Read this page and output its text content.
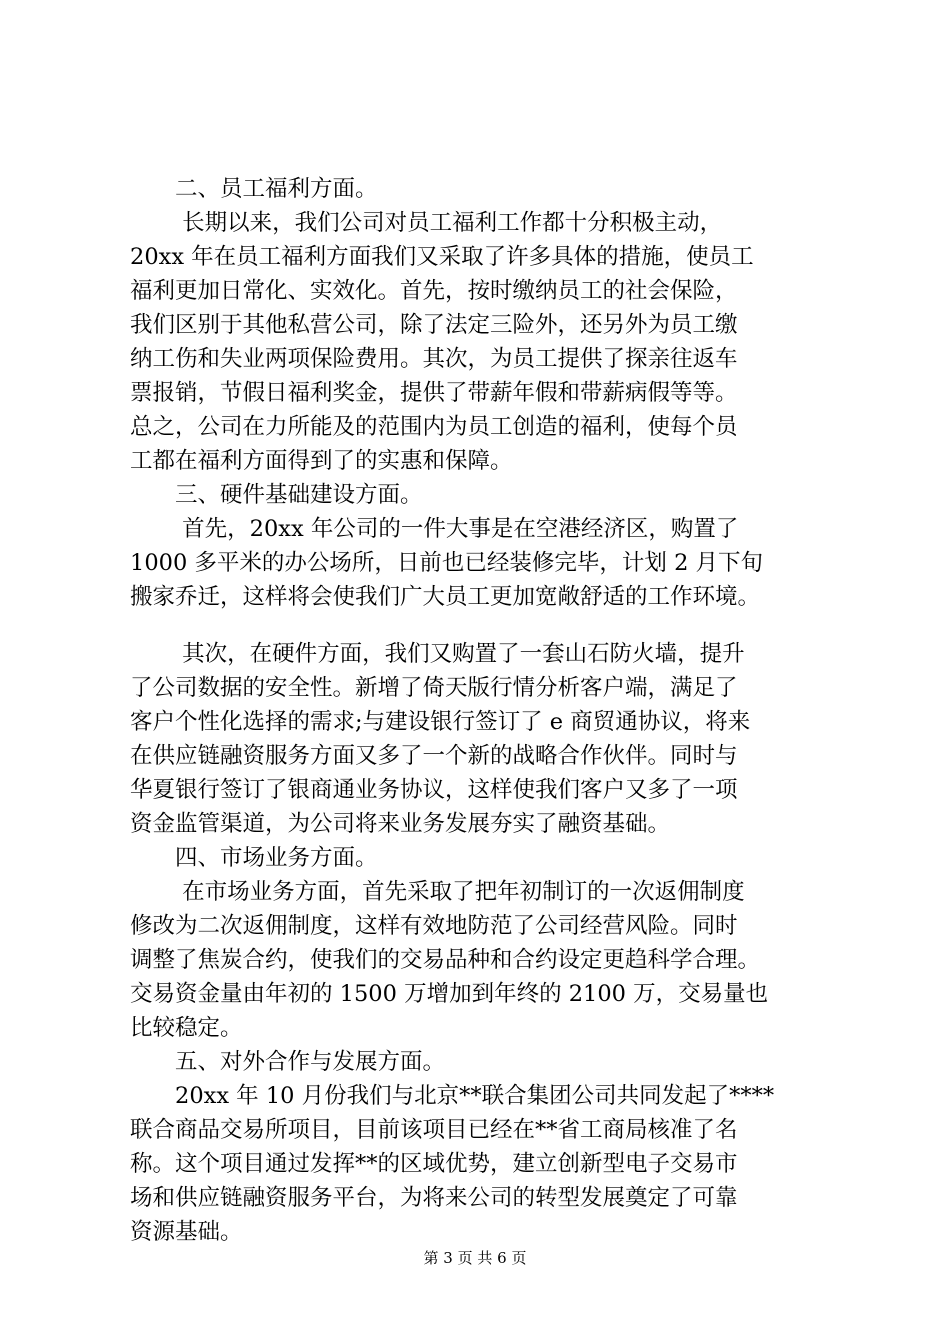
　　二、员工福利方面。
　　 长期以来，我们公司对员工福利工作都十分积极主动，
20xx 年在员工福利方面我们又采取了许多具体的措施，使员工
福利更加日常化、实效化。首先，按时缴纳员工的社会保险，
我们区别于其他私营公司，除了法定三险外，还另外为员工缴
纳工伤和失业两项保险费用。其次，为员工提供了探亲往返车
票报销，节假日福利奖金，提供了带薪年假和带薪病假等等。
总之，公司在力所能及的范围内为员工创造的福利，使每个员
工都在福利方面得到了的实惠和保障。
　　三、硬件基础建设方面。
　　 首先，20xx 年公司的一件大事是在空港经济区，购置了
1000 多平米的办公场所，日前也已经装修完毕，计划 2 月下旬
搬家乔迁，这样将会使我们广大员工更加宽敞舒适的工作环境。
　　 其次，在硬件方面，我们又购置了一套山石防火墙，提升
了公司数据的安全性。新增了倚天版行情分析客户端，满足了
客户个性化选择的需求;与建设银行签订了 e 商贸通协议，将来
在供应链融资服务方面又多了一个新的战略合作伙伴。同时与
华夏银行签订了银商通业务协议，这样使我们客户又多了一项
资金监管渠道，为公司将来业务发展夯实了融资基础。
　　四、市场业务方面。
　　 在市场业务方面，首先采取了把年初制订的一次返佣制度
修改为二次返佣制度，这样有效地防范了公司经营风险。同时
调整了焦炭合约，使我们的交易品种和合约设定更趋科学合理。
交易资金量由年初的 1500 万增加到年终的 2100 万，交易量也
比较稳定。
　　五、对外合作与发展方面。
　　20xx 年 10 月份我们与北京**联合集团公司共同发起了****
联合商品交易所项目，目前该项目已经在**省工商局核准了名
称。这个项目通过发挥**的区域优势，建立创新型电子交易市
场和供应链融资服务平台，为将来公司的转型发展奠定了可靠
资源基础。
第 3 页 共 6 页
